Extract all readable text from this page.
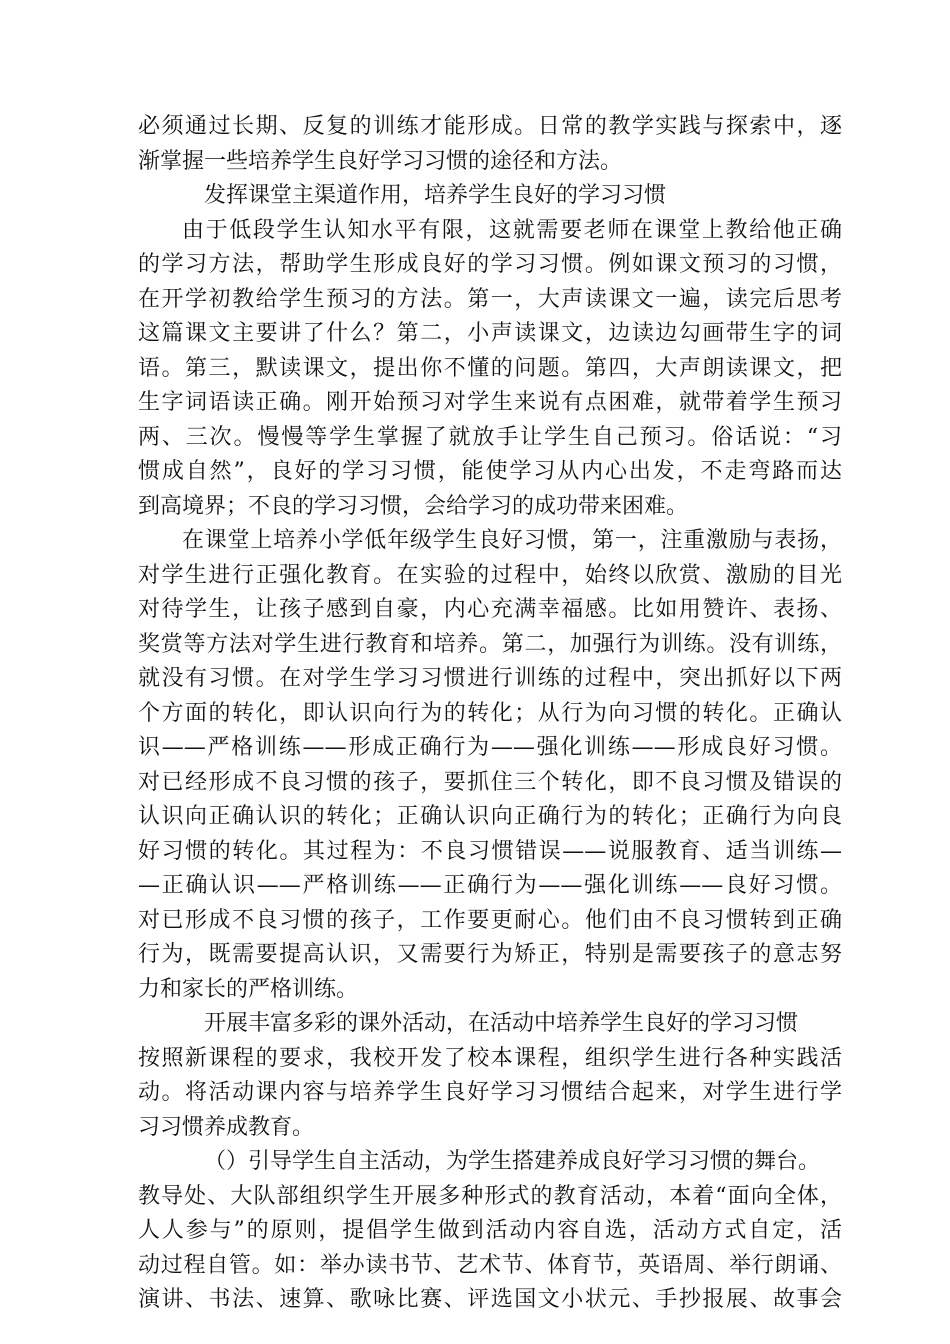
必须通过长期、反复的训练才能形成。日常的教学实践与探索中，逐
渐掌握一些培养学生良好学习习惯的途径和方法。
发挥课堂主渠道作用，培养学生良好的学习习惯
由于低段学生认知水平有限，这就需要老师在课堂上教给他正确
的学习方法，帮助学生形成良好的学习习惯。例如课文预习的习惯，
在开学初教给学生预习的方法。第一，大声读课文一遍，读完后思考
这篇课文主要讲了什么？第二，小声读课文，边读边勾画带生字的词
语。第三，默读课文，提出你不懂的问题。第四，大声朗读课文，把
生字词语读正确。刚开始预习对学生来说有点困难，就带着学生预习
两、三次。慢慢等学生掌握了就放手让学生自己预习。俗话说：“习
惯成自然”，良好的学习习惯，能使学习从内心出发，不走弯路而达
到高境界；不良的学习习惯，会给学习的成功带来困难。
在课堂上培养小学低年级学生良好习惯，第一，注重激励与表扬，
对学生进行正强化教育。在实验的过程中，始终以欣赏、激励的目光
对待学生，让孩子感到自豪，内心充满幸福感。比如用赞许、表扬、
奖赏等方法对学生进行教育和培养。第二，加强行为训练。没有训练，
就没有习惯。在对学生学习习惯进行训练的过程中，突出抓好以下两
个方面的转化，即认识向行为的转化；从行为向习惯的转化。正确认
识——严格训练——形成正确行为——强化训练——形成良好习惯。
对已经形成不良习惯的孩子，要抓住三个转化，即不良习惯及错误的
认识向正确认识的转化；正确认识向正确行为的转化；正确行为向良
好习惯的转化。其过程为：不良习惯错误——说服教育、适当训练—
—正确认识——严格训练——正确行为——强化训练——良好习惯。
对已形成不良习惯的孩子，工作要更耐心。他们由不良习惯转到正确
行为，既需要提高认识，又需要行为矫正，特别是需要孩子的意志努
力和家长的严格训练。
开展丰富多彩的课外活动，在活动中培养学生良好的学习习惯
按照新课程的要求，我校开发了校本课程，组织学生进行各种实践活
动。将活动课内容与培养学生良好学习习惯结合起来，对学生进行学
习习惯养成教育。
（）引导学生自主活动，为学生搭建养成良好学习习惯的舞台。
教导处、大队部组织学生开展多种形式的教育活动，本着“面向全体，
人人参与”的原则，提倡学生做到活动内容自选，活动方式自定，活
动过程自管。如：举办读书节、艺术节、体育节，英语周、举行朗诵、
演讲、书法、速算、歌咏比赛、评选国文小状元、手抄报展、故事会
